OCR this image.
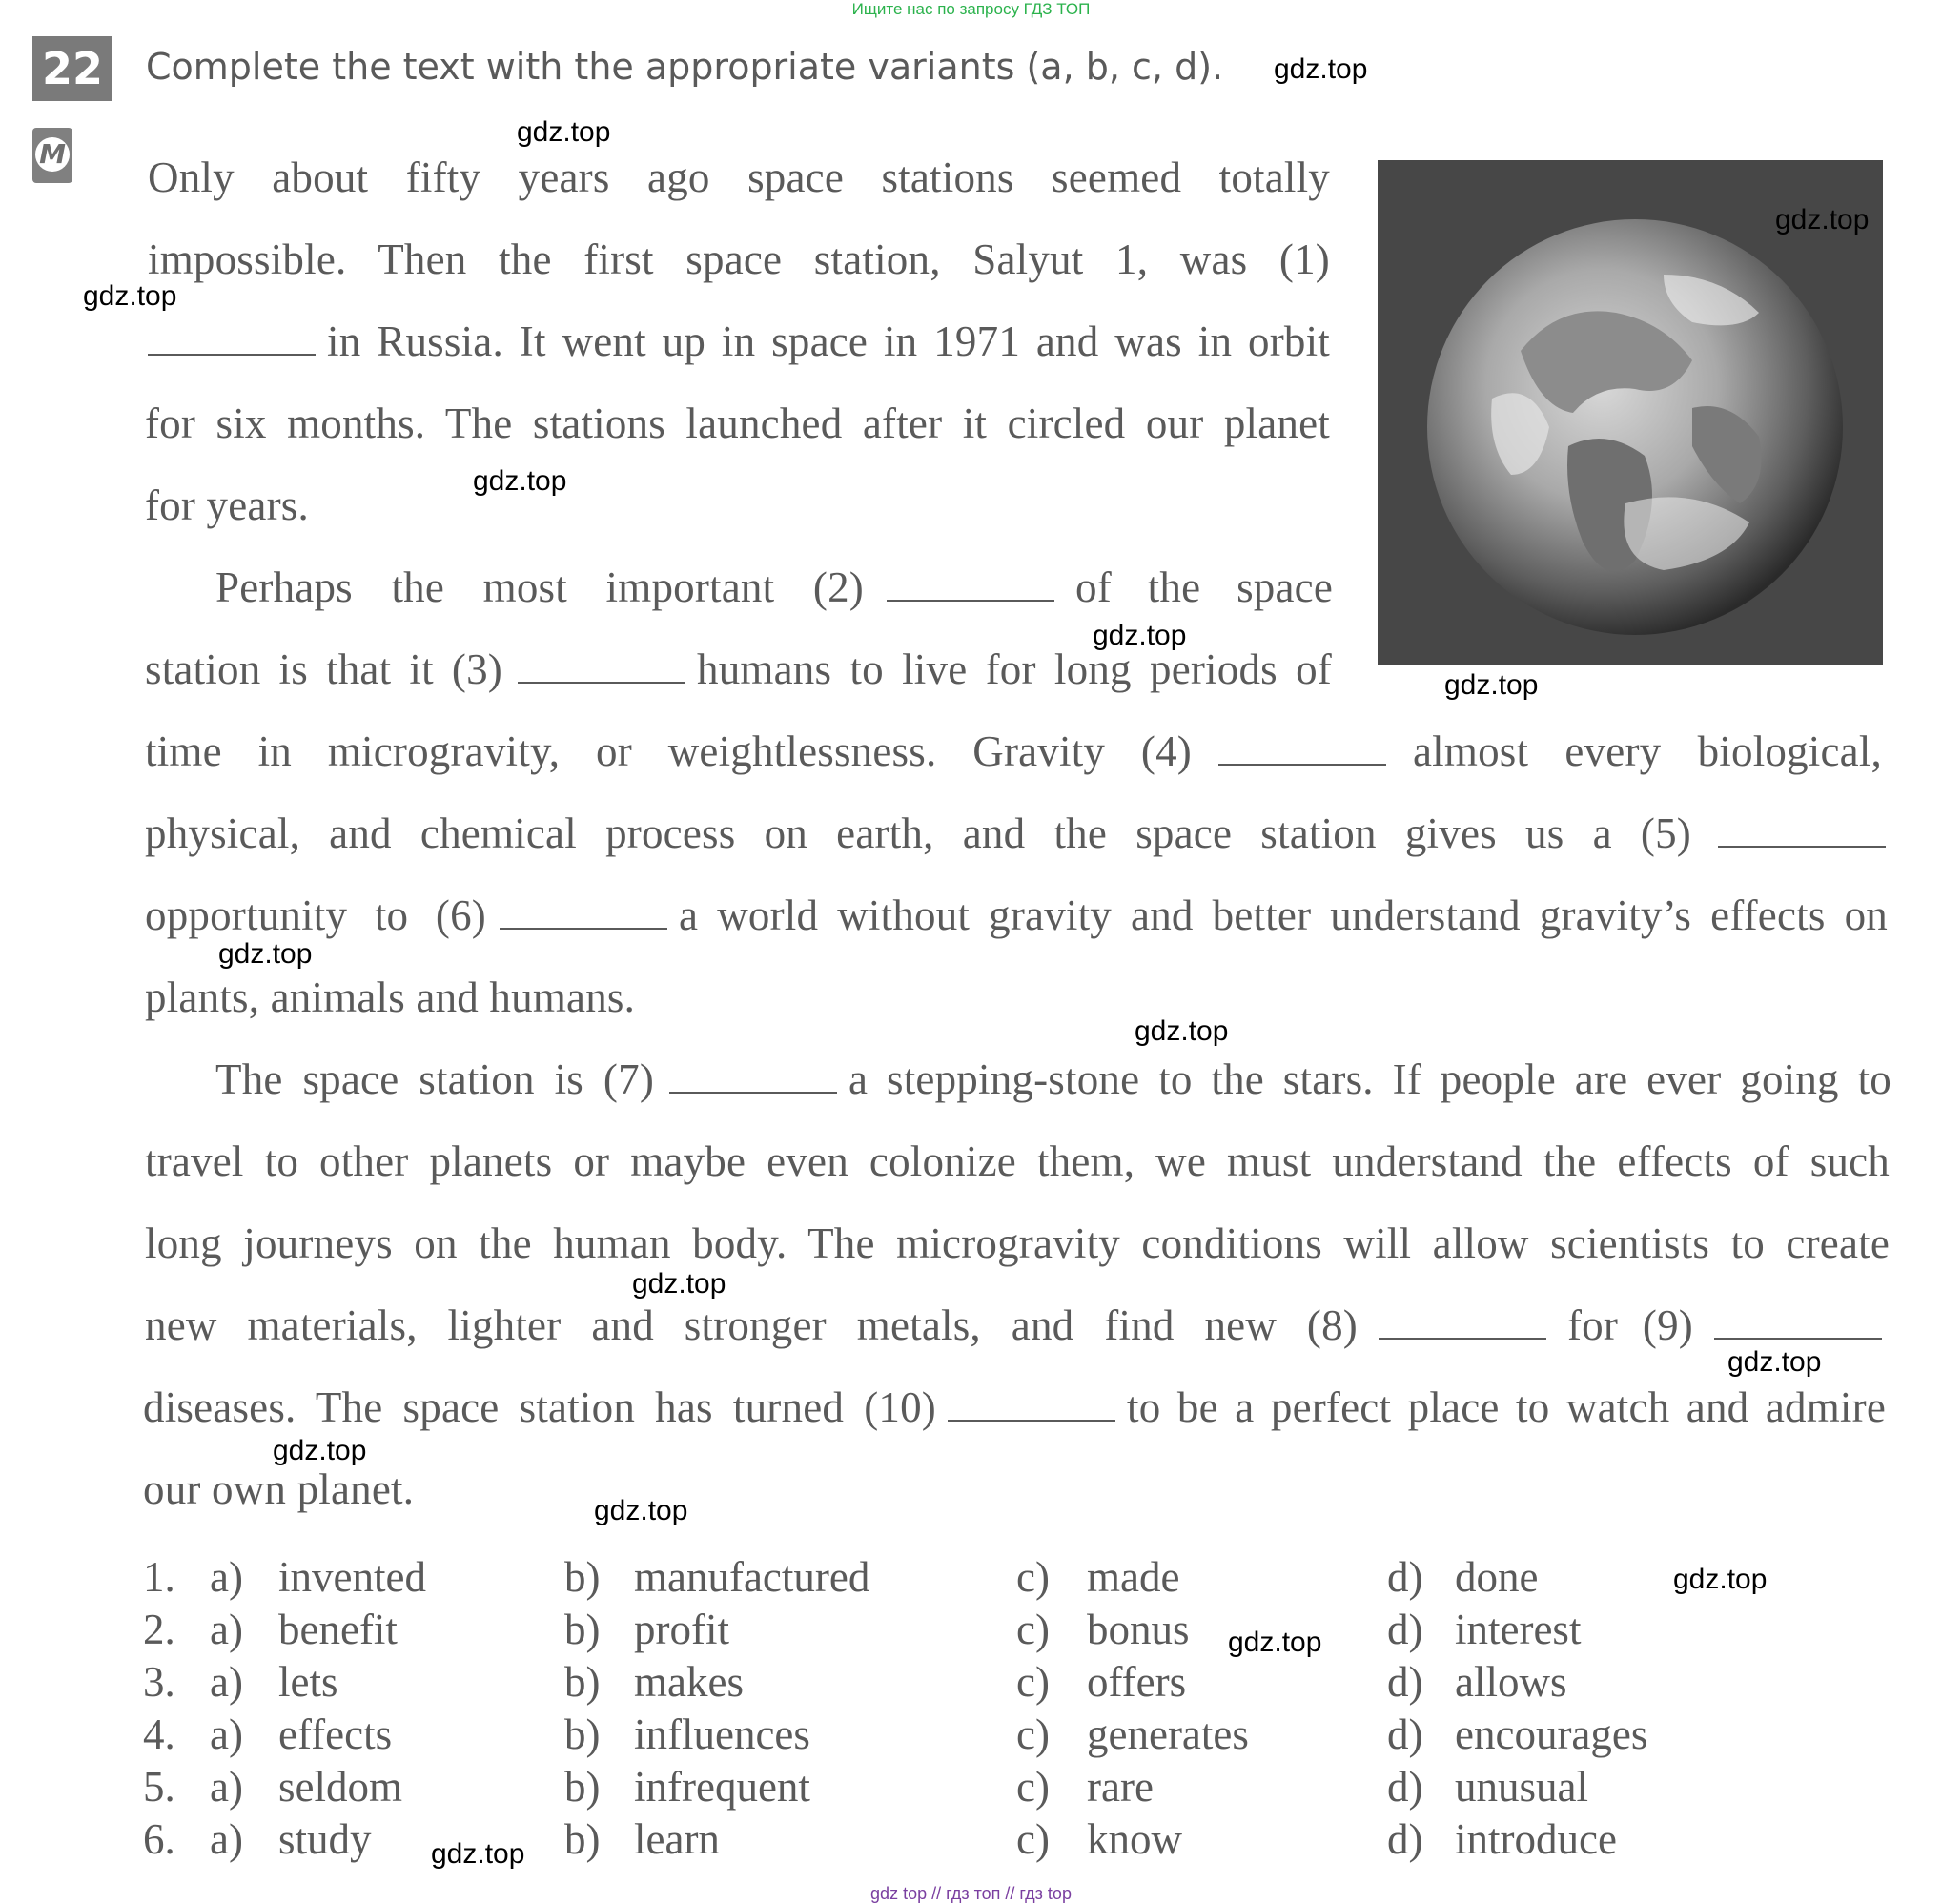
Ищите нас по запросу ГДЗ ТОП
22 Complete the text with the appropriate variants (a, b, c, d).
M Only about fifty years ago space stations seemed totally
impossible. Then the first space station, Salyut 1, was (1)
in Russia. It went up in space in 1971 and was in orbit
for six months. The stations launched after it circled our planet
for years.
Perhaps the most important (2)	of the space
station is that it (3)	humans to live for long periods of
time in microgravity, or weightlessness. Gravity (4)	almost every biological,
physical, and chemical process on earth, and the space station gives us a (5)
opportunity to (6)	a world without gravity and better understand gravity’s effects on
plants, animals and humans.
The space station is (7)	a stepping-stone to the stars. If people are ever going to
travel to other planets or maybe even colonize them, we must understand the effects of such
long journeys on the human body. The microgravity conditions will allow scientists to create
new materials, lighter and stronger metals, and find new (8)	for (9)
diseases. The space station has turned (10)	to be a perfect place to watch and admire
our own planet.
1. a) invented	b) manufactured	c) made	d) done
2. a) benefit	b) profit	c) bonus	d) interest
3. a) lets	b) makes	c) offers	d) allows
4. a) effects	b) influences	c) generates	d) encourages
5. a) seldom	b) infrequent	c) rare	d) unusual
6. a) study	b) learn	c) know	d) introduce
gdz.top
gdz.top
gdz.top
gdz.top
gdz.top
gdz.top
gdz.top
gdz.top
gdz.top
gdz.top
gdz.top
gdz.top
gdz.top
gdz.top
gdz.top
gdz.top
gdz top // гдз топ // гдз top
